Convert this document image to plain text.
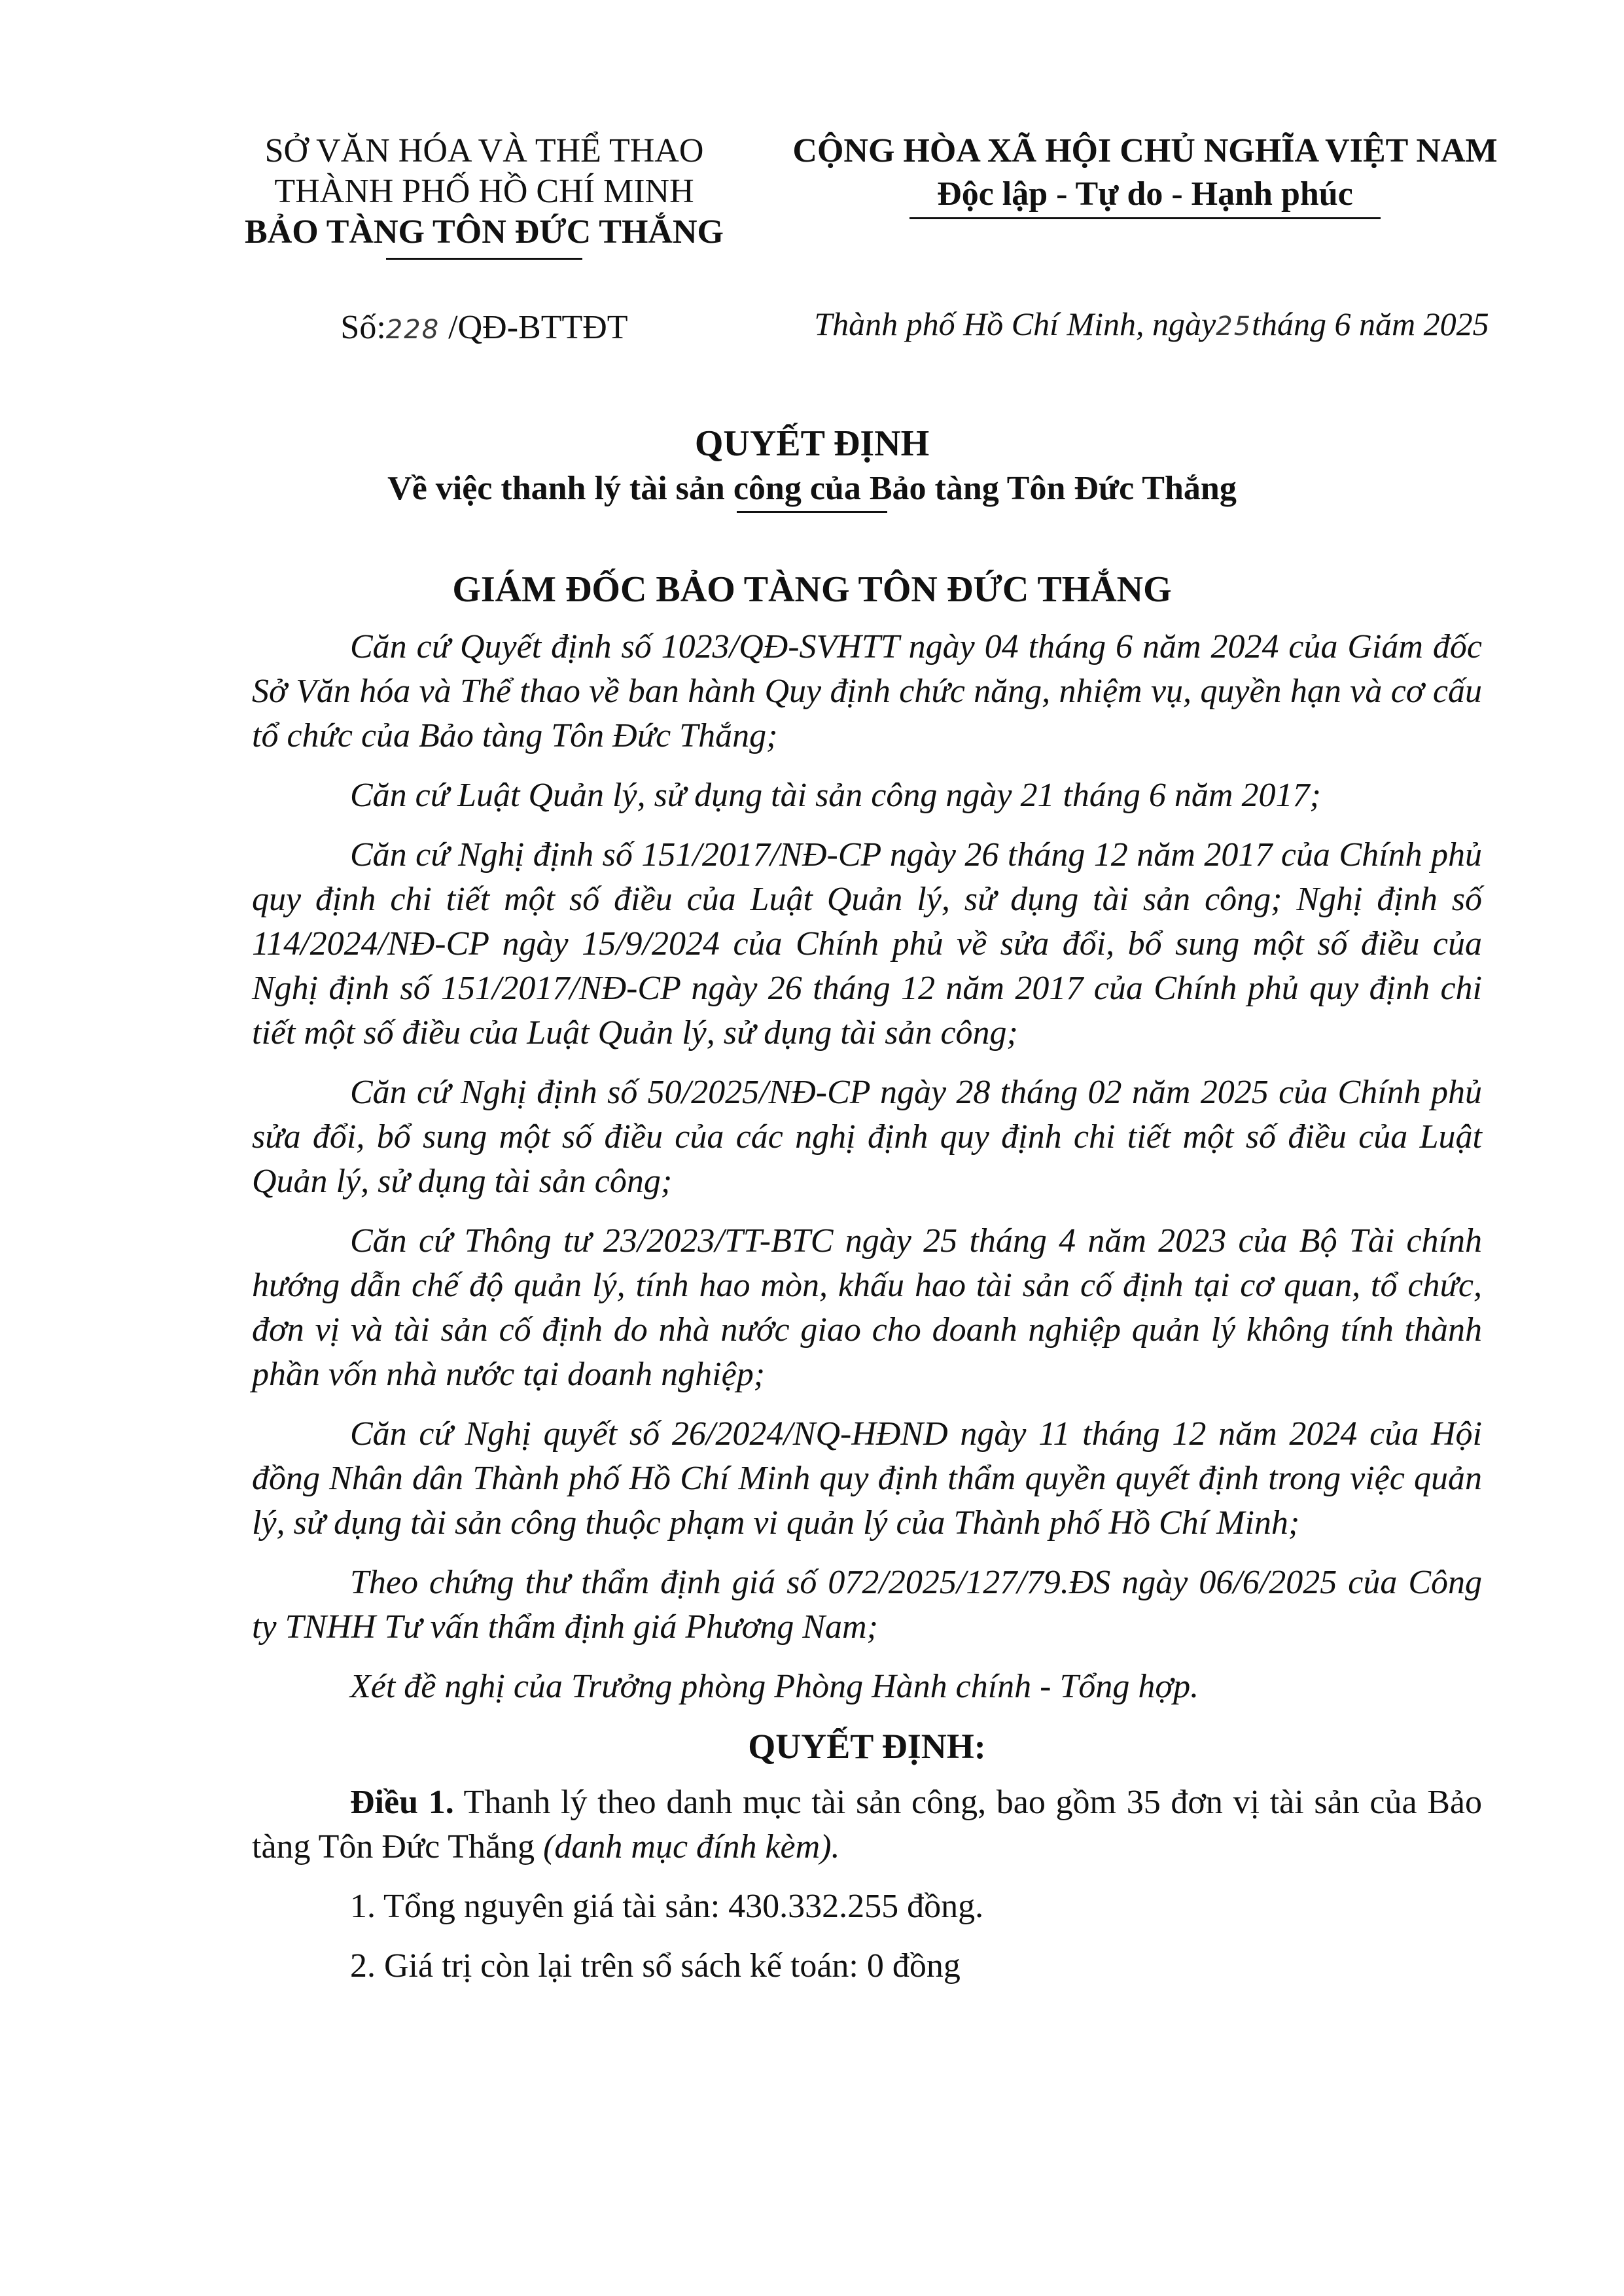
SỞ VĂN HÓA VÀ THỂ THAO
THÀNH PHỐ HỒ CHÍ MINH
BẢO TÀNG TÔN ĐỨC THẮNG
CỘNG HÒA XÃ HỘI CHỦ NGHĨA VIỆT NAM
Độc lập - Tự do - Hạnh phúc
Số:228 /QĐ-BTTĐT	Thành phố Hồ Chí Minh, ngày25tháng 6 năm 2025
QUYẾT ĐỊNH
Về việc thanh lý tài sản công của Bảo tàng Tôn Đức Thắng
GIÁM ĐỐC BẢO TÀNG TÔN ĐỨC THẮNG

Căn cứ Quyết định số 1023/QĐ-SVHTT ngày 04 tháng 6 năm 2024 của Giám đốc Sở Văn hóa và Thể thao về ban hành Quy định chức năng, nhiệm vụ, quyền hạn và cơ cấu tổ chức của Bảo tàng Tôn Đức Thắng;

Căn cứ Luật Quản lý, sử dụng tài sản công ngày 21 tháng 6 năm 2017;

Căn cứ Nghị định số 151/2017/NĐ-CP ngày 26 tháng 12 năm 2017 của Chính phủ quy định chi tiết một số điều của Luật Quản lý, sử dụng tài sản công; Nghị định số 114/2024/NĐ-CP ngày 15/9/2024 của Chính phủ về sửa đổi, bổ sung một số điều của Nghị định số 151/2017/NĐ-CP ngày 26 tháng 12 năm 2017 của Chính phủ quy định chi tiết một số điều của Luật Quản lý, sử dụng tài sản công;

Căn cứ Nghị định số 50/2025/NĐ-CP ngày 28 tháng 02 năm 2025 của Chính phủ sửa đổi, bổ sung một số điều của các nghị định quy định chi tiết một số điều của Luật Quản lý, sử dụng tài sản công;

Căn cứ Thông tư 23/2023/TT-BTC ngày 25 tháng 4 năm 2023 của Bộ Tài chính hướng dẫn chế độ quản lý, tính hao mòn, khấu hao tài sản cố định tại cơ quan, tổ chức, đơn vị và tài sản cố định do nhà nước giao cho doanh nghiệp quản lý không tính thành phần vốn nhà nước tại doanh nghiệp;

Căn cứ Nghị quyết số 26/2024/NQ-HĐND ngày 11 tháng 12 năm 2024 của Hội đồng Nhân dân Thành phố Hồ Chí Minh quy định thẩm quyền quyết định trong việc quản lý, sử dụng tài sản công thuộc phạm vi quản lý của Thành phố Hồ Chí Minh;

Theo chứng thư thẩm định giá số 072/2025/127/79.ĐS ngày 06/6/2025 của Công ty TNHH Tư vấn thẩm định giá Phương Nam;

Xét đề nghị của Trưởng phòng Phòng Hành chính - Tổng hợp.

QUYẾT ĐỊNH:

Điều 1. Thanh lý theo danh mục tài sản công, bao gồm 35 đơn vị tài sản của Bảo tàng Tôn Đức Thắng (danh mục đính kèm).

1. Tổng nguyên giá tài sản: 430.332.255 đồng.

2. Giá trị còn lại trên sổ sách kế toán: 0 đồng
